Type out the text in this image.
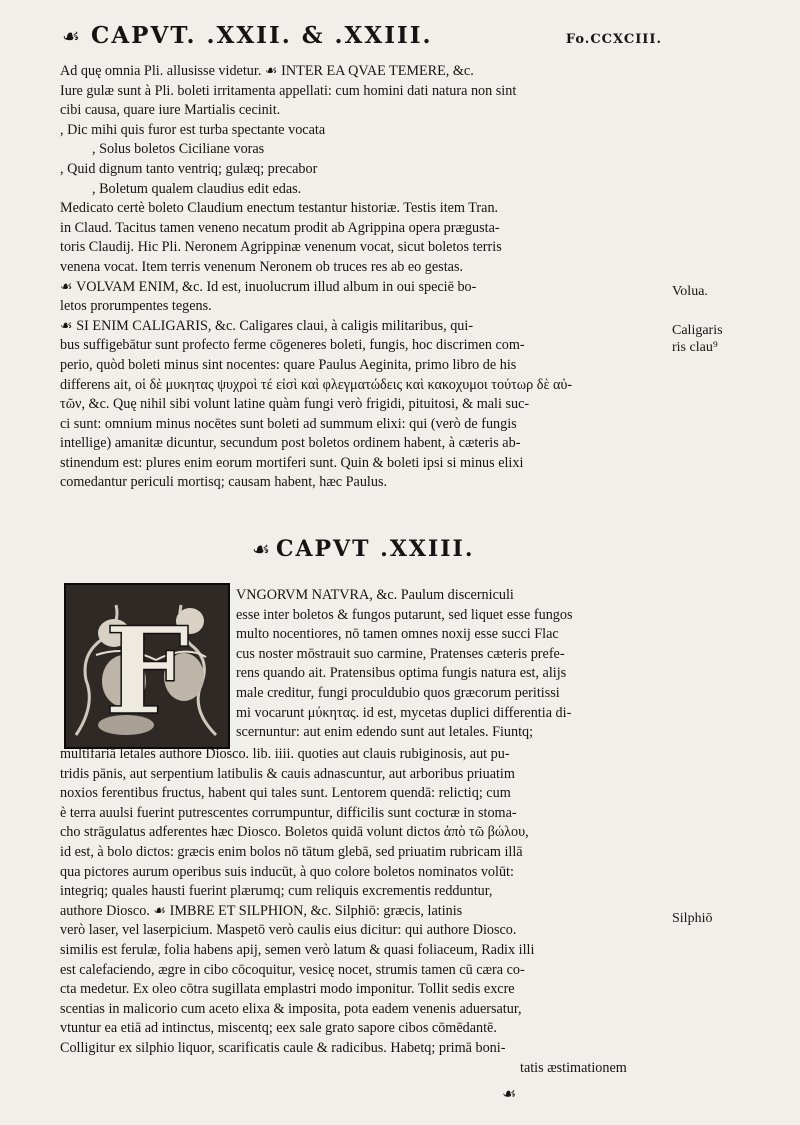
☙ CAPVT. .XXII. & .XXIII.	Fo.CCXCIII.
Ad quę omnia Pli. allusisse videtur. ☙ INTER EA QVAE TEMERE, &c.
Iure gulæ sunt à Pli. boleti irritamenta appellati: cum homini dati natura non sint
cibi causa, quare iure Martialis cecinit.
, Dic mihi quis furor est turba spectante vocata
, Solus boletos Ciciliane voras
, Quid dignum tanto ventriq; gulæq; precabor
, Boletum qualem claudius edit edas.
Medicato certè boleto Claudium enectum testantur historiæ. Testis item Tran.
in Claud. Tacitus tamen veneno necatum prodit ab Agrippina opera prægusta-
toris Claudij. Hic Pli. Neronem Agrippinæ venenum vocat, sicut boletos terris
venena vocat. Item terris venenum Neronem ob truces res ab eo gestas.
☙ VOLVAM ENIM, &c. Id est, inuolucrum illud album in oui speciē bo-
letos prorumpentes tegens.
☙ SI ENIM CALIGARIS, &c. Caligares claui, à caligis militaribus, qui-
bus suffigebātur sunt profecto ferme cōgeneres boleti, fungis, hoc discrimen com-
perio, quòd boleti minus sint nocentes: quare Paulus Aeginita, primo libro de his
differens ait, οἱ δὲ μυκητας ψυχροὶ τέ εἰσὶ καὶ φλεγματώδεις καὶ κακοχυμοι τούτωρ δὲ αὐ-
τῶν, &c. Quę nihil sibi volunt latine quàm fungi verò frigidi, pituitosi, & mali suc-
ci sunt: omnium minus nocētes sunt boleti ad summum elixi: qui (verò de fungis
intellige) amanitæ dicuntur, secundum post boletos ordinem habent, à cæteris ab-
stinendum est: plures enim eorum mortiferi sunt. Quin & boleti ipsi si minus elixi
comedantur periculi mortisq; causam habent, hæc Paulus.
☙ CAPVT .XXIII.
F
VNGORVM NATVRA, &c. Paulum discerniculi
esse inter boletos & fungos putarunt, sed liquet esse fungos
multo nocentiores, nō tamen omnes noxij esse succi Flac
cus noster mōstrauit suo carmine, Pratenses cæteris prefe-
rens quando ait. Pratensibus optima fungis natura est, alijs
male creditur, fungi proculdubio quos græcorum peritissi
mi vocarunt μύκητας. id est, mycetas duplici differentia di-
scernuntur: aut enim edendo sunt aut letales. Fiuntq;
multifariā letales authore Diosco. lib. iiii. quoties aut clauis rubiginosis, aut pu-
tridis pānis, aut serpentium latibulis & cauis adnascuntur, aut arboribus priuatim
noxios ferentibus fructus, habent qui tales sunt. Lentorem quendā: relictiq; cum
è terra auulsi fuerint putrescentes corrumpuntur, difficilis sunt cocturæ in stoma-
cho strāgulatus adferentes hæc Diosco. Boletos quidā volunt dictos ἀπὸ τῶ βώλου,
id est, à bolo dictos: græcis enim bolos nō tātum glebā, sed priuatim rubricam illā
qua pictores aurum operibus suis inducūt, à quo colore boletos nominatos volūt:
integriq; quales hausti fuerint plærumq; cum reliquis excrementis redduntur,
authore Diosco. ☙ IMBRE ET SILPHION, &c. Silphiō: græcis, latinis
verò laser, vel laserpicium. Maspetō verò caulis eius dicitur: qui authore Diosco.
similis est ferulæ, folia habens apij, semen verò latum & quasi foliaceum, Radix illi
est calefaciendo, ægre in cibo cōcoquitur, vesicę nocet, strumis tamen cū cæra co-
cta medetur. Ex oleo cōtra sugillata emplastri modo imponitur. Tollit sedis excre
scentias in malicorio cum aceto elixa & imposita, pota eadem venenis aduersatur,
vtuntur ea etiā ad intinctus, miscentq; eex sale grato sapore cibos cōmēdantē.
Colligitur ex silphio liquor, scarificatis caule & radicibus. Habetq; primā boni-
tatis æstimationem
Volua.
Caligaris
ris clau⁹
Silphiō
☙
